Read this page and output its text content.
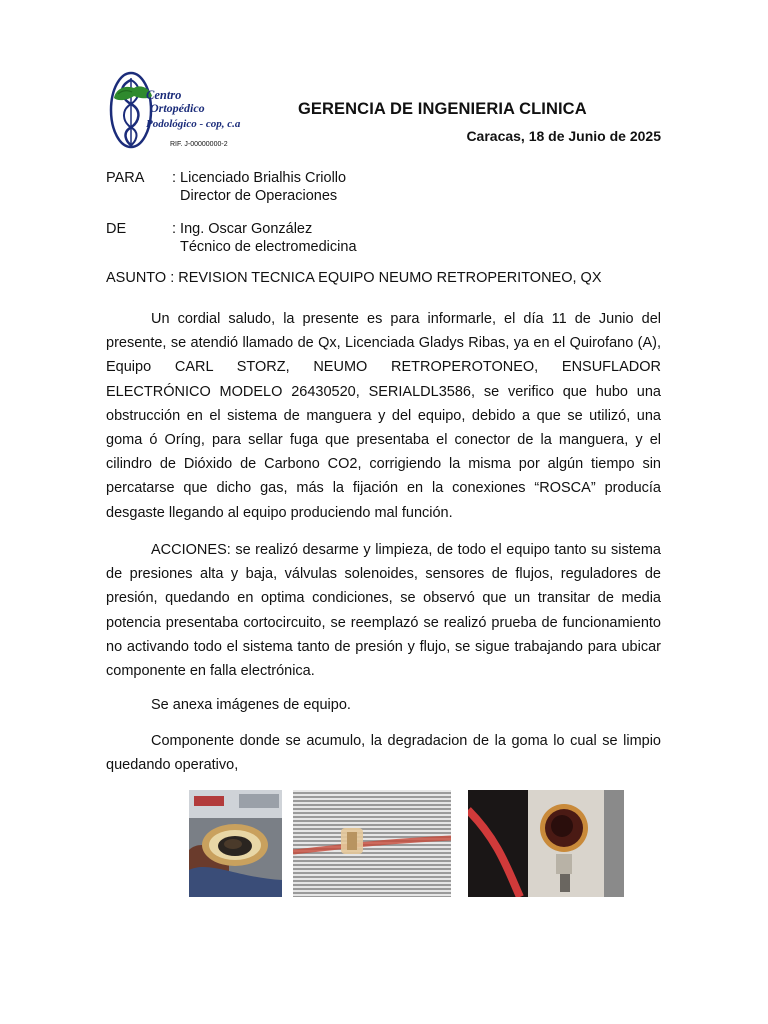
Centro
Ortopédico
Podológico - cop, c.a
RIF. J-00000000-2
GERENCIA DE INGENIERIA CLINICA
Caracas, 18 de Junio de 2025
PARA	: Licenciado Brialhis Criollo
Director de Operaciones
DE	: Ing. Oscar González
Técnico de electromedicina
ASUNTO : REVISION TECNICA EQUIPO NEUMO RETROPERITONEO, QX

Un cordial saludo, la presente es para informarle, el día 11 de Junio del presente, se atendió llamado de Qx, Licenciada Gladys Ribas, ya en el Quirofano (A), Equipo CARL STORZ, NEUMO RETROPEROTONEO, ENSUFLADOR ELECTRÓNICO MODELO 26430520, SERIALDL3586, se verifico que hubo una obstrucción en el sistema de manguera y del equipo, debido a que se utilizó, una goma ó Oríng, para sellar fuga que presentaba el conector de la manguera, y el cilindro de Dióxido de Carbono CO2, corrigiendo la misma por algún tiempo sin percatarse que dicho gas, más la fijación en la conexiones “ROSCA” producía desgaste llegando al equipo produciendo mal función.

ACCIONES: se realizó desarme y limpieza, de todo el equipo tanto su sistema de presiones alta y baja, válvulas solenoides, sensores de flujos, reguladores de presión, quedando en optima condiciones, se observó que un transitar de media potencia presentaba cortocircuito, se reemplazó se realizó prueba de funcionamiento no activando todo el sistema tanto de presión y flujo, se sigue trabajando para ubicar componente en falla electrónica.

Se anexa imágenes de equipo.

Componente donde se acumulo, la degradacion de la goma lo cual se limpio quedando operativo,
